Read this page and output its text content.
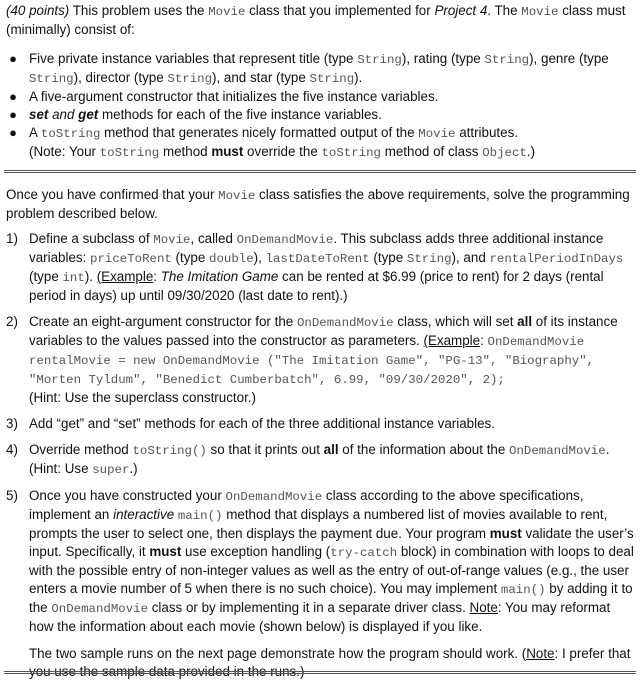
(40 points) This problem uses the Movie class that you implemented for Project 4. The Movie class must (minimally) consist of:

● Five private instance variables that represent title (type String), rating (type String), genre (type String), director (type String), and star (type String).
● A five-argument constructor that initializes the five instance variables.
● set and get methods for each of the five instance variables.
● A toString method that generates nicely formatted output of the Movie attributes.
(Note: Your toString method must override the toString method of class Object.)

Once you have confirmed that your Movie class satisfies the above requirements, solve the programming problem described below.

1) Define a subclass of Movie, called OnDemandMovie. This subclass adds three additional instance variables: priceToRent (type double), lastDateToRent (type String), and rentalPeriodInDays (type int). (Example: The Imitation Game can be rented at $6.99 (price to rent) for 2 days (rental period in days) up until 09/30/2020 (last date to rent).)
2) Create an eight-argument constructor for the OnDemandMovie class, which will set all of its instance variables to the values passed into the constructor as parameters. (Example: OnDemandMovie rentalMovie = new OnDemandMovie ("The Imitation Game", "PG-13", "Biography", "Morten Tyldum", "Benedict Cumberbatch", 6.99, "09/30/2020", 2);
(Hint: Use the superclass constructor.)
3) Add “get” and “set” methods for each of the three additional instance variables.
4) Override method toString() so that it prints out all of the information about the OnDemandMovie.
(Hint: Use super.)
5) Once you have constructed your OnDemandMovie class according to the above specifications, implement an interactive main() method that displays a numbered list of movies available to rent, prompts the user to select one, then displays the payment due. Your program must validate the user’s input. Specifically, it must use exception handling (try-catch block) in combination with loops to deal with the possible entry of non-integer values as well as the entry of out-of-range values (e.g., the user enters a movie number of 5 when there is no such choice). You may implement main() by adding it to the OnDemandMovie class or by implementing it in a separate driver class. Note: You may reformat how the information about each movie (shown below) is displayed if you like.

The two sample runs on the next page demonstrate how the program should work. (Note: I prefer that you use the sample data provided in the runs.)
